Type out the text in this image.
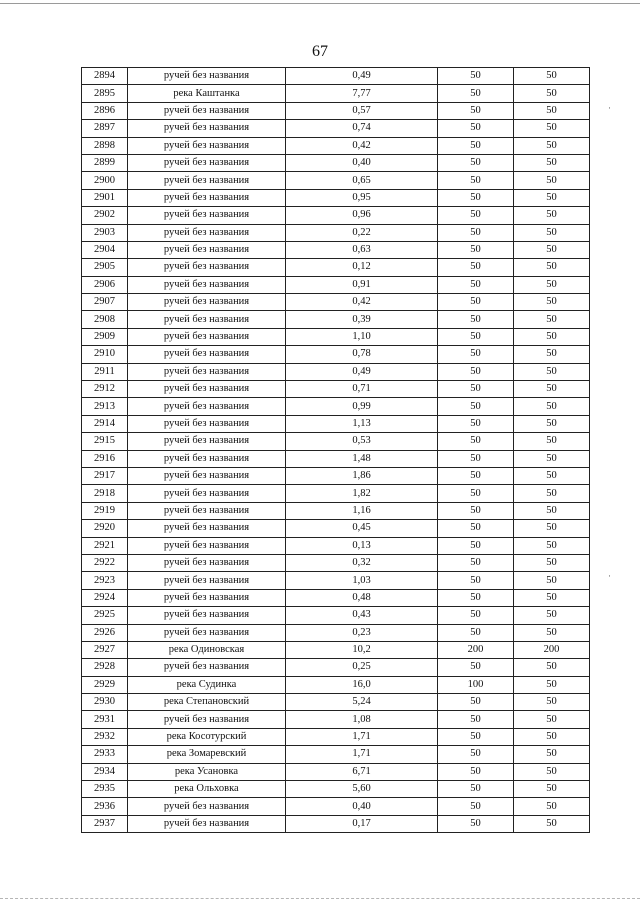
67
2894	ручей без названия	0,49	50	50
2895	река Каштанка	7,77	50	50
2896	ручей без названия	0,57	50	50
2897	ручей без названия	0,74	50	50
2898	ручей без названия	0,42	50	50
2899	ручей без названия	0,40	50	50
2900	ручей без названия	0,65	50	50
2901	ручей без названия	0,95	50	50
2902	ручей без названия	0,96	50	50
2903	ручей без названия	0,22	50	50
2904	ручей без названия	0,63	50	50
2905	ручей без названия	0,12	50	50
2906	ручей без названия	0,91	50	50
2907	ручей без названия	0,42	50	50
2908	ручей без названия	0,39	50	50
2909	ручей без названия	1,10	50	50
2910	ручей без названия	0,78	50	50
2911	ручей без названия	0,49	50	50
2912	ручей без названия	0,71	50	50
2913	ручей без названия	0,99	50	50
2914	ручей без названия	1,13	50	50
2915	ручей без названия	0,53	50	50
2916	ручей без названия	1,48	50	50
2917	ручей без названия	1,86	50	50
2918	ручей без названия	1,82	50	50
2919	ручей без названия	1,16	50	50
2920	ручей без названия	0,45	50	50
2921	ручей без названия	0,13	50	50
2922	ручей без названия	0,32	50	50
2923	ручей без названия	1,03	50	50
2924	ручей без названия	0,48	50	50
2925	ручей без названия	0,43	50	50
2926	ручей без названия	0,23	50	50
2927	река Одиновская	10,2	200	200
2928	ручей без названия	0,25	50	50
2929	река Судинка	16,0	100	50
2930	река Степановский	5,24	50	50
2931	ручей без названия	1,08	50	50
2932	река Косотурский	1,71	50	50
2933	река Зомаревский	1,71	50	50
2934	река Усановка	6,71	50	50
2935	река Ольховка	5,60	50	50
2936	ручей без названия	0,40	50	50
2937	ручей без названия	0,17	50	50
·
·
